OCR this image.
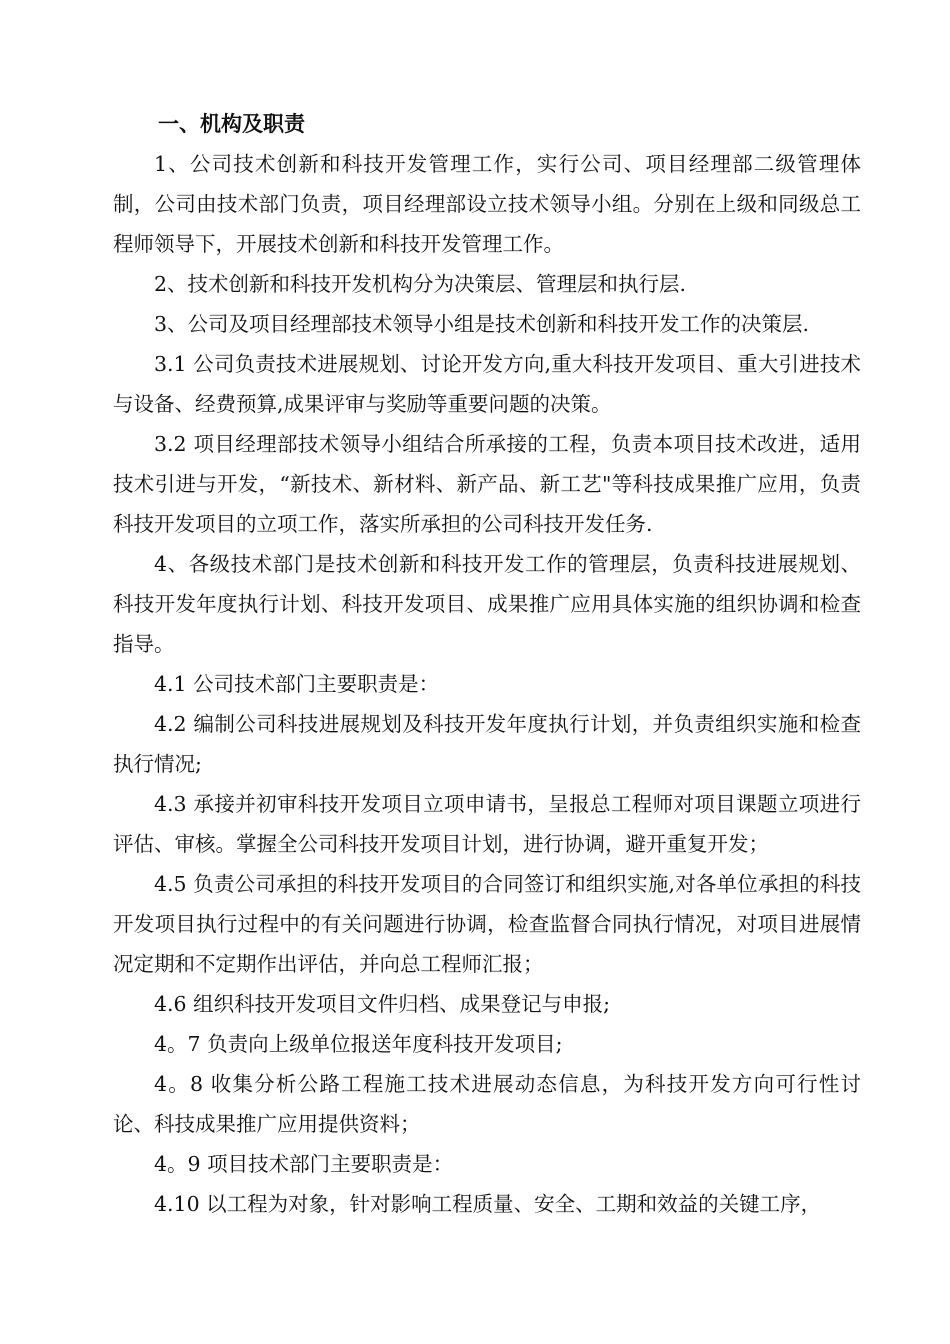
一、机构及职责

1、公司技术创新和科技开发管理工作，实行公司、项目经理部二级管理体制，公司由技术部门负责，项目经理部设立技术领导小组。分别在上级和同级总工程师领导下，开展技术创新和科技开发管理工作。

2、技术创新和科技开发机构分为决策层、管理层和执行层.

3、公司及项目经理部技术领导小组是技术创新和科技开发工作的决策层.

3.1 公司负责技术进展规划、讨论开发方向,重大科技开发项目、重大引进技术与设备、经费预算,成果评审与奖励等重要问题的决策。

3.2 项目经理部技术领导小组结合所承接的工程，负责本项目技术改进，适用技术引进与开发，“新技术、新材料、新产品、新工艺"等科技成果推广应用，负责科技开发项目的立项工作，落实所承担的公司科技开发任务.

4、各级技术部门是技术创新和科技开发工作的管理层，负责科技进展规划、科技开发年度执行计划、科技开发项目、成果推广应用具体实施的组织协调和检查指导。

4.1 公司技术部门主要职责是：

4.2 编制公司科技进展规划及科技开发年度执行计划，并负责组织实施和检查执行情况;

4.3 承接并初审科技开发项目立项申请书，呈报总工程师对项目课题立项进行评估、审核。掌握全公司科技开发项目计划，进行协调，避开重复开发；

4.5 负责公司承担的科技开发项目的合同签订和组织实施,对各单位承担的科技开发项目执行过程中的有关问题进行协调，检查监督合同执行情况，对项目进展情况定期和不定期作出评估，并向总工程师汇报；

4.6 组织科技开发项目文件归档、成果登记与申报;

4。7 负责向上级单位报送年度科技开发项目;

4。8 收集分析公路工程施工技术进展动态信息，为科技开发方向可行性讨论、科技成果推广应用提供资料；

4。9 项目技术部门主要职责是：

4.10 以工程为对象，针对影响工程质量、安全、工期和效益的关键工序，
